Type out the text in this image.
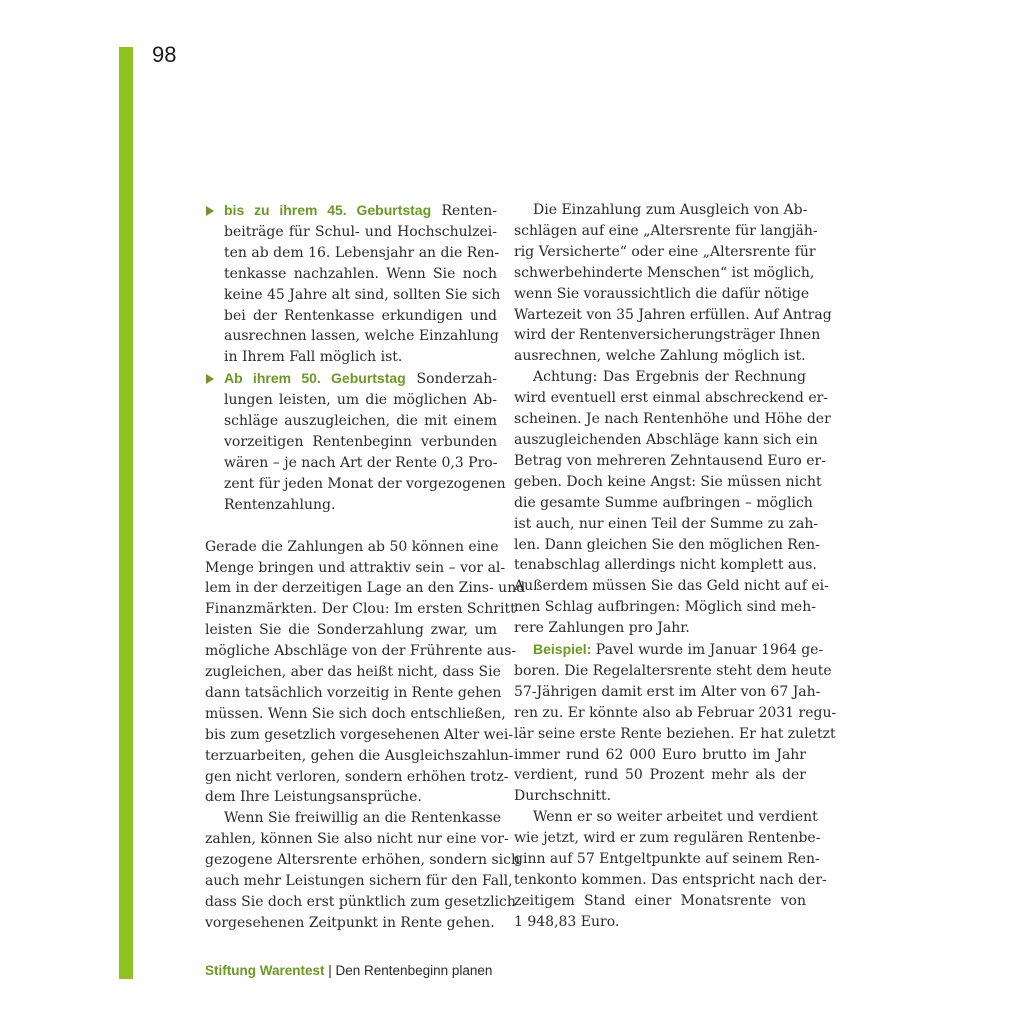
98
bis zu ihrem 45. Geburtstag Renten-
beiträge für Schul- und Hochschulzei-
ten ab dem 16. Lebensjahr an die Ren-
tenkasse nachzahlen. Wenn Sie noch
keine 45 Jahre alt sind, sollten Sie sich
bei der Rentenkasse erkundigen und
ausrechnen lassen, welche Einzahlung
in Ihrem Fall möglich ist.
Ab ihrem 50. Geburtstag Sonderzah-
lungen leisten, um die möglichen Ab-
schläge auszugleichen, die mit einem
vorzeitigen Rentenbeginn verbunden
wären – je nach Art der Rente 0,3 Pro-
zent für jeden Monat der vorgezogenen
Rentenzahlung.
Gerade die Zahlungen ab 50 können eine
Menge bringen und attraktiv sein – vor al-
lem in der derzeitigen Lage an den Zins- und
Finanzmärkten. Der Clou: Im ersten Schritt
leisten Sie die Sonderzahlung zwar, um
mögliche Abschläge von der Frührente aus-
zugleichen, aber das heißt nicht, dass Sie
dann tatsächlich vorzeitig in Rente gehen
müssen. Wenn Sie sich doch entschließen,
bis zum gesetzlich vorgesehenen Alter wei-
terzuarbeiten, gehen die Ausgleichszahlun-
gen nicht verloren, sondern erhöhen trotz-
dem Ihre Leistungsansprüche.
Wenn Sie freiwillig an die Rentenkasse
zahlen, können Sie also nicht nur eine vor-
gezogene Altersrente erhöhen, sondern sich
auch mehr Leistungen sichern für den Fall,
dass Sie doch erst pünktlich zum gesetzlich
vorgesehenen Zeitpunkt in Rente gehen.
Die Einzahlung zum Ausgleich von Ab-
schlägen auf eine „Altersrente für langjäh-
rig Versicherte“ oder eine „Altersrente für
schwerbehinderte Menschen“ ist möglich,
wenn Sie voraussichtlich die dafür nötige
Wartezeit von 35 Jahren erfüllen. Auf Antrag
wird der Rentenversicherungsträger Ihnen
ausrechnen, welche Zahlung möglich ist.
Achtung: Das Ergebnis der Rechnung
wird eventuell erst einmal abschreckend er-
scheinen. Je nach Rentenhöhe und Höhe der
auszugleichenden Abschläge kann sich ein
Betrag von mehreren Zehntausend Euro er-
geben. Doch keine Angst: Sie müssen nicht
die gesamte Summe aufbringen – möglich
ist auch, nur einen Teil der Summe zu zah-
len. Dann gleichen Sie den möglichen Ren-
tenabschlag allerdings nicht komplett aus.
Außerdem müssen Sie das Geld nicht auf ei-
nen Schlag aufbringen: Möglich sind meh-
rere Zahlungen pro Jahr.
Beispiel: Pavel wurde im Januar 1964 ge-
boren. Die Regelaltersrente steht dem heute
57-Jährigen damit erst im Alter von 67 Jah-
ren zu. Er könnte also ab Februar 2031 regu-
lär seine erste Rente beziehen. Er hat zuletzt
immer rund 62 000 Euro brutto im Jahr
verdient, rund 50 Prozent mehr als der
Durchschnitt.
Wenn er so weiter arbeitet und verdient
wie jetzt, wird er zum regulären Rentenbe-
ginn auf 57 Entgeltpunkte auf seinem Ren-
tenkonto kommen. Das entspricht nach der-
zeitigem Stand einer Monatsrente von
1 948,83 Euro.
Stiftung Warentest | Den Rentenbeginn planen
